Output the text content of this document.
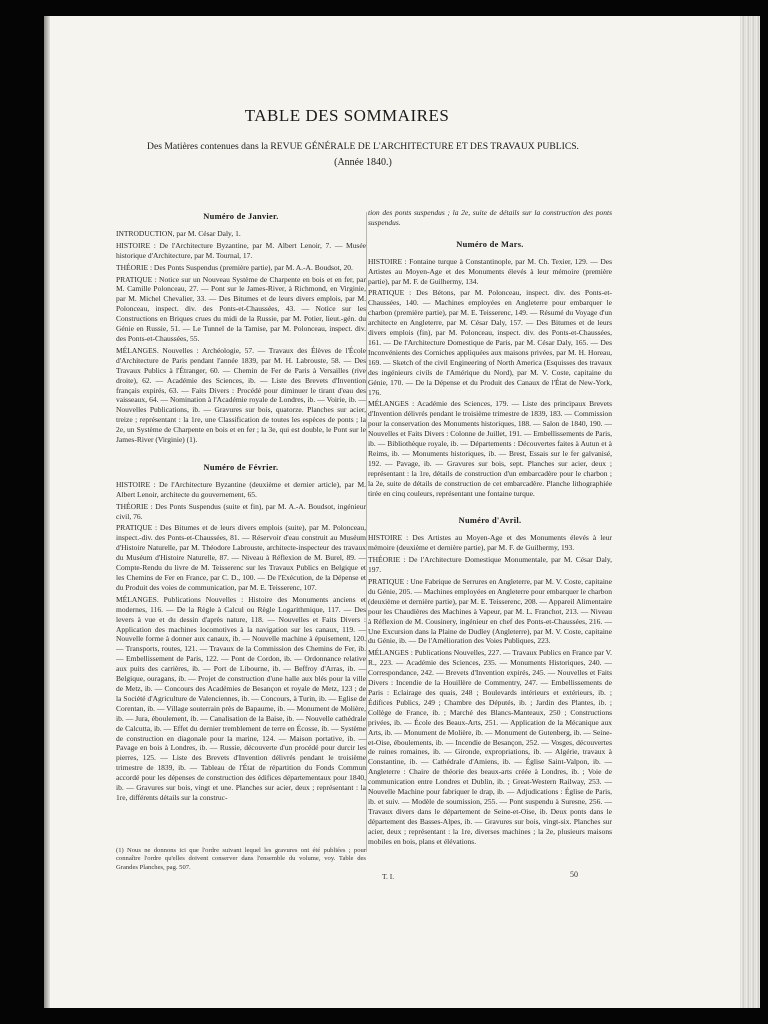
TABLE DES SOMMAIRES
Des Matières contenues dans la REVUE GÉNÉRALE DE L'ARCHITECTURE ET DES TRAVAUX PUBLICS.
(Année 1840.)
Numéro de Janvier.
INTRODUCTION, par M. César Daly, 1.
HISTOIRE : De l'Architecture Byzantine, par M. Albert Lenoir, 7. — Musée historique d'Architecture, par M. Tournal, 17.
THÉORIE : Des Ponts Suspendus (première partie), par M. A.-A. Boudsot, 20.
PRATIQUE : Notice sur un Nouveau Système de Charpente en bois et en fer, par M. Camille Polonceau, 27. — Pont sur le James-River, à Richmond, en Virginie, par M. Michel Chevalier, 33. — Des Bitumes et de leurs divers emplois, par M. Polonceau, inspect. div. des Ponts-et-Chaussées, 43. — Notice sur les Constructions en Briques crues du midi de la Russie, par M. Potier, lieut.-gén. du Génie en Russie, 51. — Le Tunnel de la Tamise, par M. Polonceau, inspect. div. des Ponts-et-Chaussées, 55.
MÉLANGES. Nouvelles : Archéologie, 57. — Travaux des Élèves de l'École d'Architecture de Paris pendant l'année 1839, par M. H. Labrouste, 58. — Des Travaux Publics à l'Étranger, 60. — Chemin de Fer de Paris à Versailles (rive droite), 62. — Académie des Sciences, ib. — Liste des Brevets d'Invention français expirés, 63. — Faits Divers : Procédé pour diminuer le tirant d'eau des vaisseaux, 64. — Nomination à l'Académie royale de Londres, ib. — Voirie, ib. — Nouvelles Publications, ib. — Gravures sur bois, quatorze. Planches sur acier, treize ; représentant : la 1re, une Classification de toutes les espèces de ponts ; la 2e, un Système de Charpente en bois et en fer ; la 3e, qui est double, le Pont sur le James-River (Virginie) (1).
Numéro de Février.
HISTOIRE : De l'Architecture Byzantine (deuxième et dernier article), par M. Albert Lenoir, architecte du gouvernement, 65.
THÉORIE : Des Ponts Suspendus (suite et fin), par M. A.-A. Boudsot, ingénieur civil, 76.
PRATIQUE : Des Bitumes et de leurs divers emplois (suite), par M. Polonceau, inspect.-div. des Ponts-et-Chaussées, 81. — Réservoir d'eau construit au Muséum d'Histoire Naturelle, par M. Théodore Labrouste, architecte-inspecteur des travaux du Muséum d'Histoire Naturelle, 87. — Niveau à Réflexion de M. Burel, 89. — Compte-Rendu du livre de M. Teisserenc sur les Travaux Publics en Belgique et les Chemins de Fer en France, par C. D., 100. — De l'Exécution, de la Dépense et du Produit des voies de communication, par M. E. Teisserenc, 107.
MÉLANGES. Publications Nouvelles : Histoire des Monuments anciens et modernes, 116. — De la Règle à Calcul ou Règle Logarithmique, 117. — Des levers à vue et du dessin d'après nature, 118. — Nouvelles et Faits Divers : Application des machines locomotives à la navigation sur les canaux, 119. — Nouvelle forme à donner aux canaux, ib. — Nouvelle machine à épuisement, 120. — Transports, routes, 121. — Travaux de la Commission des Chemins de Fer, ib. — Embellissement de Paris, 122. — Pont de Cordon, ib. — Ordonnance relative aux puits des carrières, ib. — Port de Libourne, ib. — Beffroy d'Arras, ib. — Belgique, ouragans, ib. — Projet de construction d'une halle aux blés pour la ville de Metz, ib. — Concours des Académies de Besançon et royale de Metz, 123 ; de la Société d'Agriculture de Valenciennes, ib. — Concours, à Turin, ib. — Eglise de Corentan, ib. — Village souterrain près de Bapaume, ib. — Monument de Molière, ib. — Jura, éboulement, ib. — Canalisation de la Baise, ib. — Nouvelle cathédrale de Calcutta, ib. — Effet du dernier tremblement de terre en Écosse, ib. — Système de construction en diagonale pour la marine, 124. — Maison portative, ib. — Pavage en bois à Londres, ib. — Russie, découverte d'un procédé pour durcir les pierres, 125. — Liste des Brevets d'Invention délivrés pendant le troisième trimestre de 1839, ib. — Tableau de l'État de répartition du Fonds Commun accordé pour les dépenses de construction des édifices départementaux pour 1840, ib. — Gravures sur bois, vingt et une. Planches sur acier, deux ; représentant : la 1re, différents détails sur la construc-
(1) Nous ne donnons ici que l'ordre suivant lequel les gravures ont été publiées ; pour connaître l'ordre qu'elles doivent conserver dans l'ensemble du volume, voy. Table des Grandes Planches, pag. 507.

tion des ponts suspendus ; la 2e, suite de détails sur la construction des ponts suspendus.

Numéro de Mars.
HISTOIRE : Fontaine turque à Constantinople, par M. Ch. Texier, 129. — Des Artistes au Moyen-Age et des Monuments élevés à leur mémoire (première partie), par M. F. de Guilhermy, 134.
PRATIQUE : Des Bétons, par M. Polonceau, inspect. div. des Ponts-et-Chaussées, 140. — Machines employées en Angleterre pour embarquer le charbon (première partie), par M. E. Teisserenc, 149. — Résumé du Voyage d'un architecte en Angleterre, par M. César Daly, 157. — Des Bitumes et de leurs divers emplois (fin), par M. Polonceau, inspect. div. des Ponts-et-Chaussées, 161. — De l'Architecture Domestique de Paris, par M. César Daly, 165. — Des Inconvénients des Corniches appliquées aux maisons privées, par M. H. Horeau, 169. — Sketch of the civil Engineering of North America (Esquisses des travaux des ingénieurs civils de l'Amérique du Nord), par M. V. Coste, capitaine du Génie, 170. — De la Dépense et du Produit des Canaux de l'État de New-York, 176.
MÉLANGES : Académie des Sciences, 179. — Liste des principaux Brevets d'Invention délivrés pendant le troisième trimestre de 1839, 183. — Commission pour la conservation des Monuments historiques, 188. — Salon de 1840, 190. — Nouvelles et Faits Divers : Colonne de Juillet, 191. — Embellissements de Paris, ib. — Bibliothèque royale, ib. — Départements : Découvertes faites à Autun et à Reims, ib. — Monuments historiques, ib. — Brest, Essais sur le fer galvanisé, 192. — Pavage, ib. — Gravures sur bois, sept. Planches sur acier, deux ; représentant : la 1re, détails de construction d'un embarcadère pour le charbon ; la 2e, suite de détails de construction de cet embarcadère. Planche lithographiée tirée en cinq couleurs, représentant une fontaine turque.
Numéro d'Avril.
HISTOIRE : Des Artistes au Moyen-Age et des Monuments élevés à leur mémoire (deuxième et dernière partie), par M. F. de Guilhermy, 193.
THÉORIE : De l'Architecture Domestique Monumentale, par M. César Daly, 197.
PRATIQUE : Une Fabrique de Serrures en Angleterre, par M. V. Coste, capitaine du Génie, 205. — Machines employées en Angleterre pour embarquer le charbon (deuxième et dernière partie), par M. E. Teisserenc, 208. — Appareil Alimentaire pour les Chaudières des Machines à Vapeur, par M. L. Franchot, 213. — Niveau à Réflexion de M. Cousinery, ingénieur en chef des Ponts-et-Chaussées, 216. — Une Excursion dans la Plaine de Dudley (Angleterre), par M. V. Coste, capitaine du Génie, ib. — De l'Amélioration des Voies Publiques, 223.
MÉLANGES : Publications Nouvelles, 227. — Travaux Publics en France par V. R., 223. — Académie des Sciences, 235. — Monuments Historiques, 240. — Correspondance, 242. — Brevets d'Invention expirés, 245. — Nouvelles et Faits Divers : Incendie de la Houillère de Commentry, 247. — Embellissements de Paris : Eclairage des quais, 248 ; Boulevards intérieurs et extérieurs, ib. ; Édifices Publics, 249 ; Chambre des Députés, ib. ; Jardin des Plantes, ib. ; Collège de France, ib. ; Marché des Blancs-Manteaux, 250 ; Constructions privées, ib. — École des Beaux-Arts, 251. — Application de la Mécanique aux Arts, ib. — Monument de Molière, ib. — Monument de Gutenberg, ib. — Seine-et-Oise, éboulements, ib. — Incendie de Besançon, 252. — Vosges, découvertes de ruines romaines, ib. — Gironde, expropriations, ib. — Algérie, travaux à Constantine, ib. — Cathédrale d'Amiens, ib. — Église Saint-Valpon, ib. — Angleterre : Chaire de théorie des beaux-arts créée à Londres, ib. ; Voie de communication entre Londres et Dublin, ib. ; Great-Western Railway, 253. — Nouvelle Machine pour fabriquer le drap, ib. — Adjudications : Église de Paris, ib. et suiv. — Modèle de soumission, 255. — Pont suspendu à Suresne, 256. — Travaux divers dans le département de Seine-et-Oise, ib. Deux ponts dans le département des Basses-Alpes, ib. — Gravures sur bois, vingt-six. Planches sur acier, deux ; représentant : la 1re, diverses machines ; la 2e, plusieurs maisons mobiles en bois, plans et élévations.
T. I.	50
